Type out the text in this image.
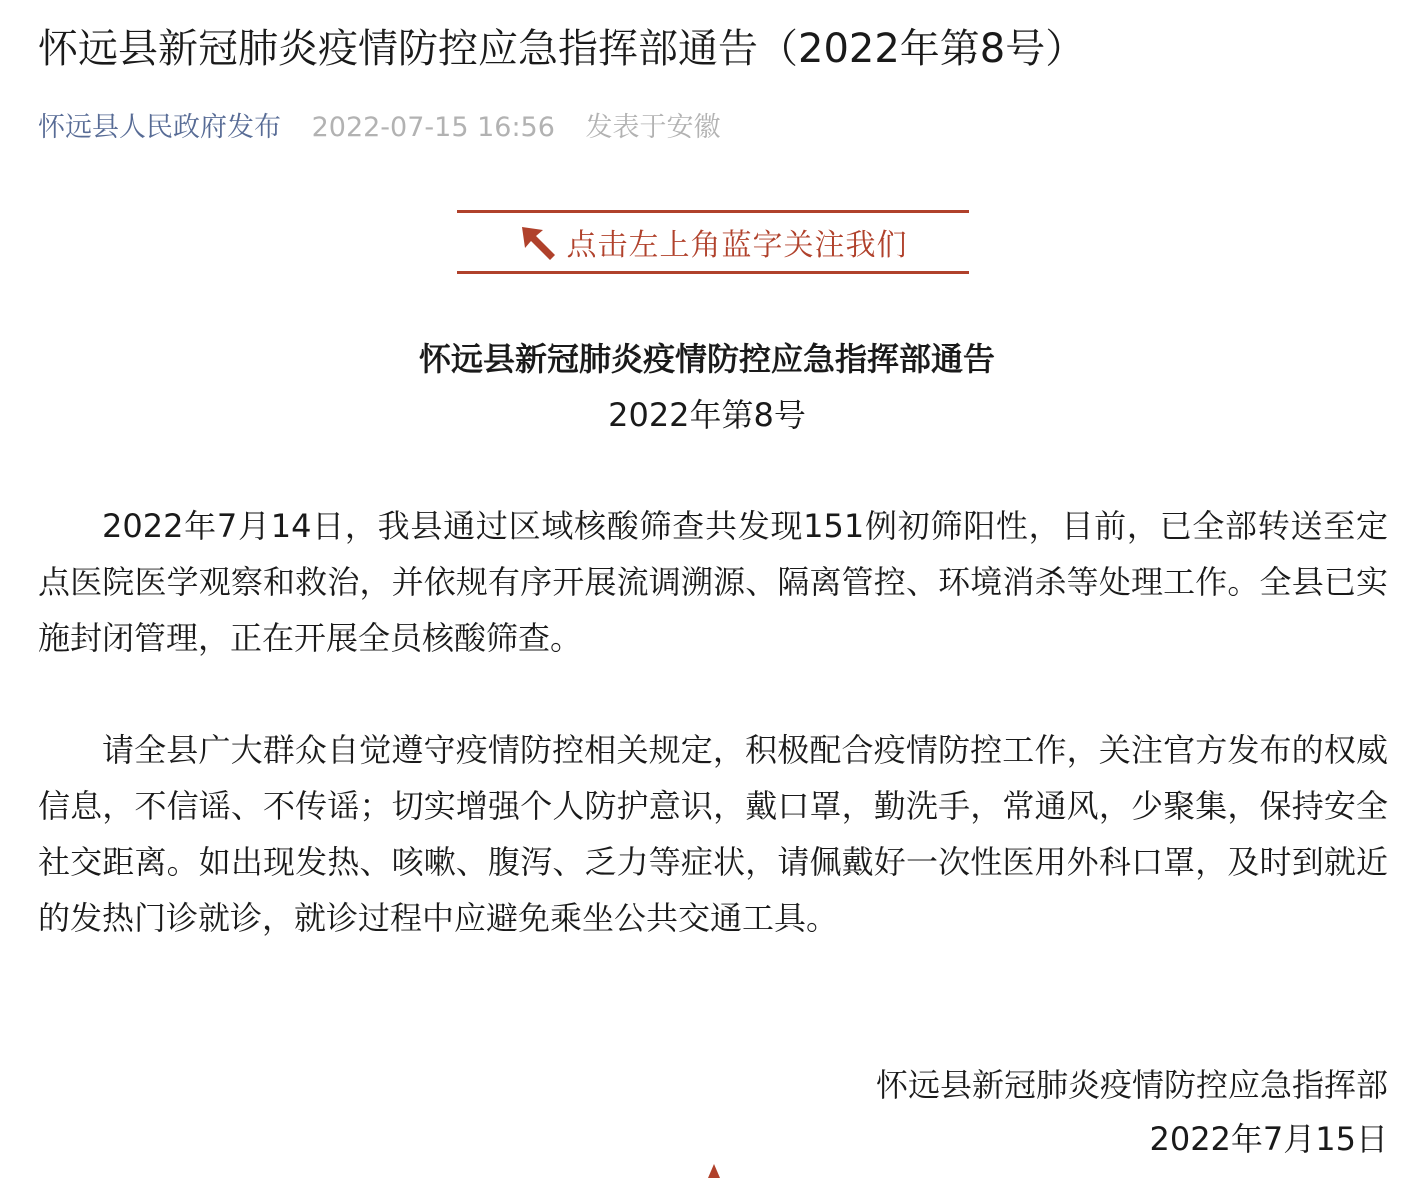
怀远县新冠肺炎疫情防控应急指挥部通告（2022年第8号）
怀远县人民政府发布 2022-07-15 16:56 发表于安徽
点击左上角蓝字关注我们
怀远县新冠肺炎疫情防控应急指挥部通告
2022年第8号

2022年7月14日，我县通过区域核酸筛查共发现151例初筛阳性，目前，已全部转送至定点医院医学观察和救治，并依规有序开展流调溯源、隔离管控、环境消杀等处理工作。全县已实施封闭管理，正在开展全员核酸筛查。

请全县广大群众自觉遵守疫情防控相关规定，积极配合疫情防控工作，关注官方发布的权威信息，不信谣、不传谣；切实增强个人防护意识，戴口罩，勤洗手，常通风，少聚集，保持安全社交距离。如出现发热、咳嗽、腹泻、乏力等症状，请佩戴好一次性医用外科口罩，及时到就近的发热门诊就诊，就诊过程中应避免乘坐公共交通工具。

怀远县新冠肺炎疫情防控应急指挥部
2022年7月15日
